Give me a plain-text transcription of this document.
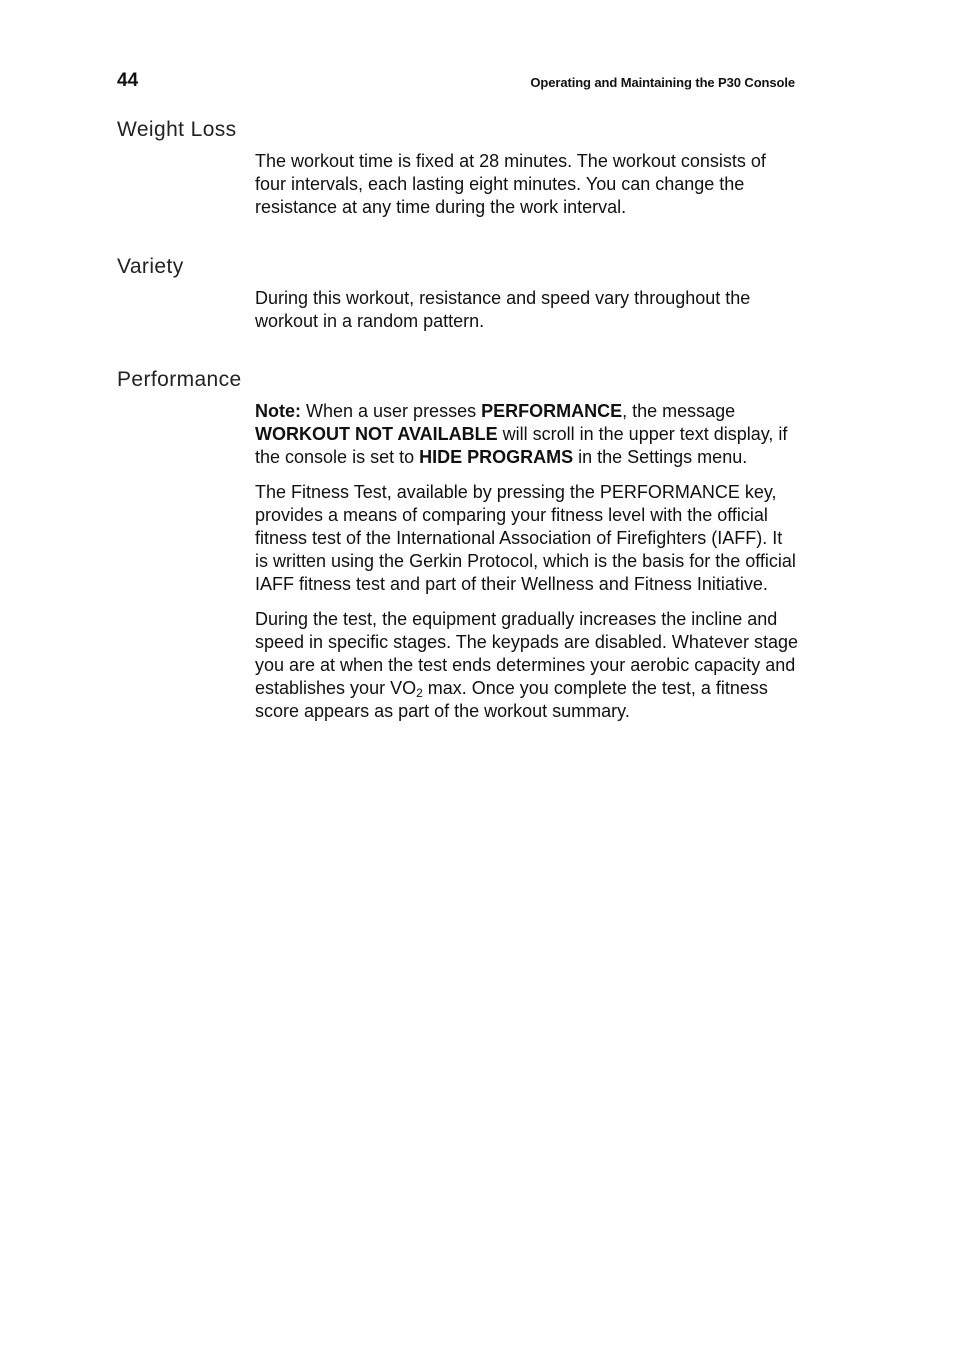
44	Operating and Maintaining the P30 Console
Weight Loss

The workout time is fixed at 28 minutes. The workout consists of four intervals, each lasting eight minutes. You can change the resistance at any time during the work interval.

Variety

During this workout, resistance and speed vary throughout the workout in a random pattern.

Performance

Note: When a user presses PERFORMANCE, the message WORKOUT NOT AVAILABLE will scroll in the upper text display, if the console is set to HIDE PROGRAMS in the Settings menu.

The Fitness Test, available by pressing the PERFORMANCE key, provides a means of comparing your fitness level with the official fitness test of the International Association of Firefighters (IAFF). It is written using the Gerkin Protocol, which is the basis for the official IAFF fitness test and part of their Wellness and Fitness Initiative.

During the test, the equipment gradually increases the incline and speed in specific stages. The keypads are disabled. Whatever stage you are at when the test ends determines your aerobic capacity and establishes your $VO_2$ max. Once you complete the test, a fitness score appears as part of the workout summary.
